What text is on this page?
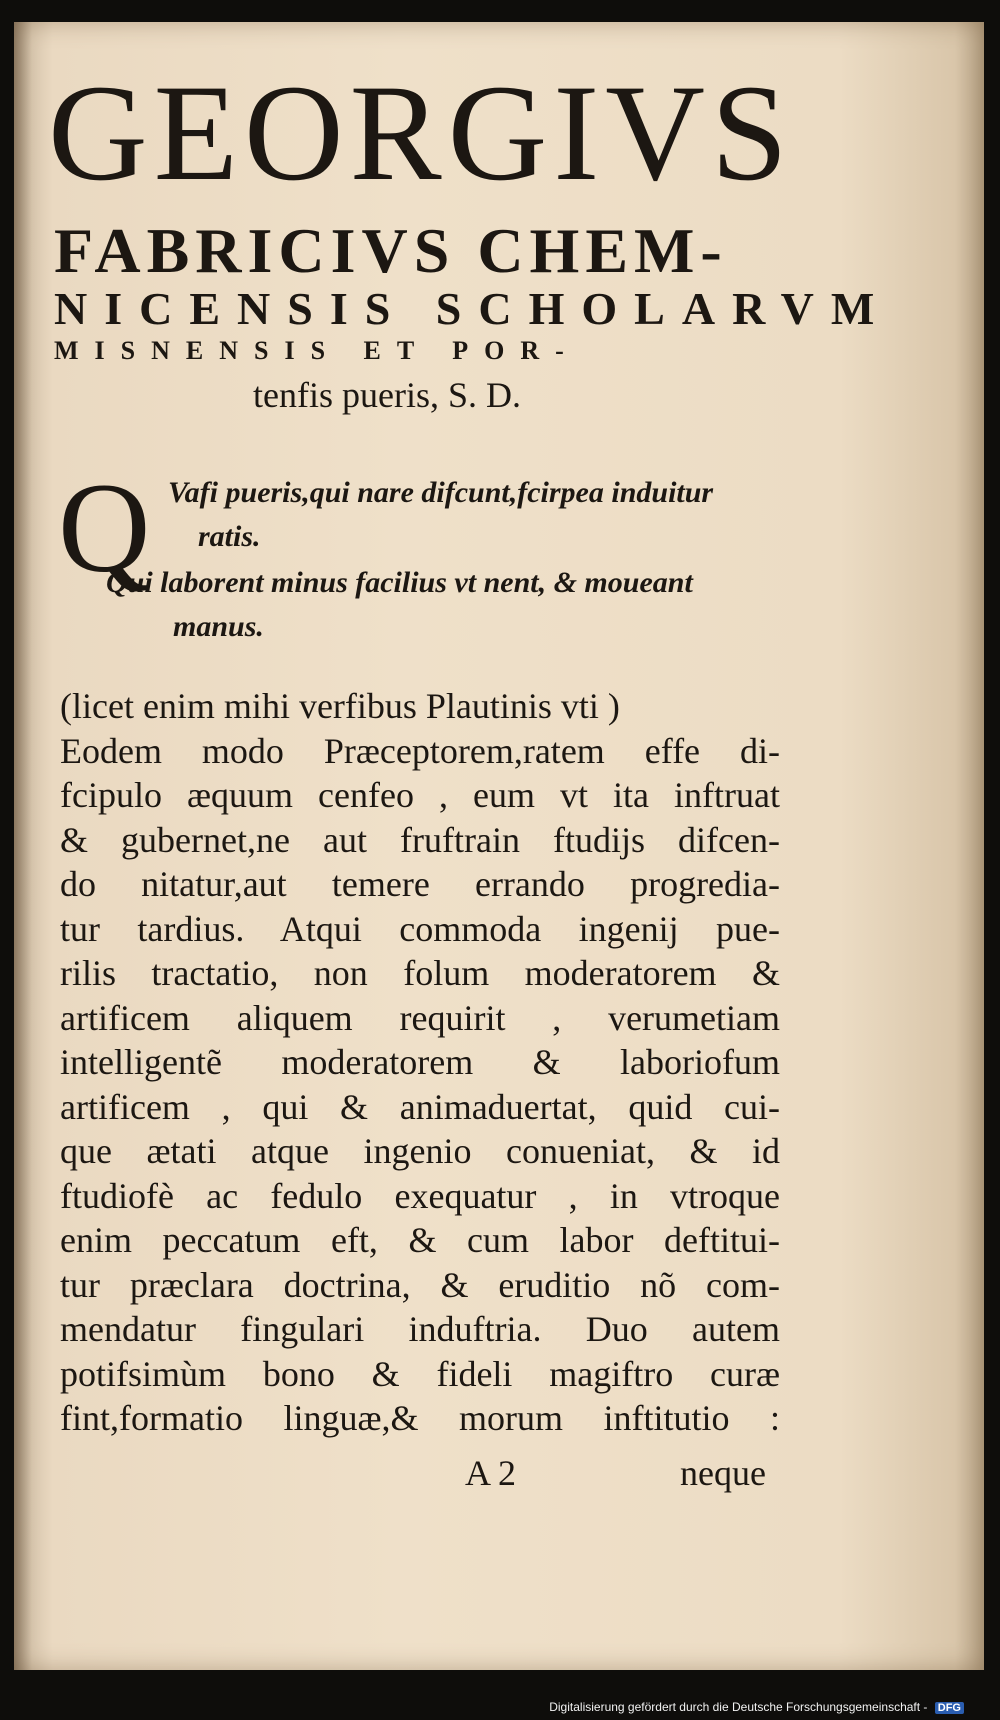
GEORGIVS
FABRICIVS CHEM-
NICENSIS SCHOLARVM
MISNENSIS ET POR-
tenfis pueris, S. D.
Q Vafi pueris,qui nare difcunt,fcirpea induitur
ratis.
Qui laborent minus facilius vt nent, & moueant
manus.
(licet enim mihi verfibus Plautinis vti )
Eodem modo Præceptorem,ratem effe di-
fcipulo æquum cenfeo , eum vt ita inftruat
& gubernet,ne aut fruftrain ftudijs difcen-
do nitatur,aut temere errando progredia-
tur tardius. Atqui commoda ingenij pue-
rilis tractatio, non folum moderatorem &
artificem aliquem requirit , verumetiam
intelligentẽ moderatorem & laboriofum
artificem , qui & animaduertat, quid cui-
que ætati atque ingenio conueniat, & id
ftudiofè ac fedulo exequatur , in vtroque
enim peccatum eft, & cum labor deftitui-
tur præclara doctrina, & eruditio nõ com-
mendatur fingulari induftria. Duo autem
potifsimùm bono & fideli magiftro curæ
fint,formatio linguæ,& morum inftitutio :
A 2	neque
Digitalisierung gefördert durch die Deutsche Forschungsgemeinschaft - DFG
